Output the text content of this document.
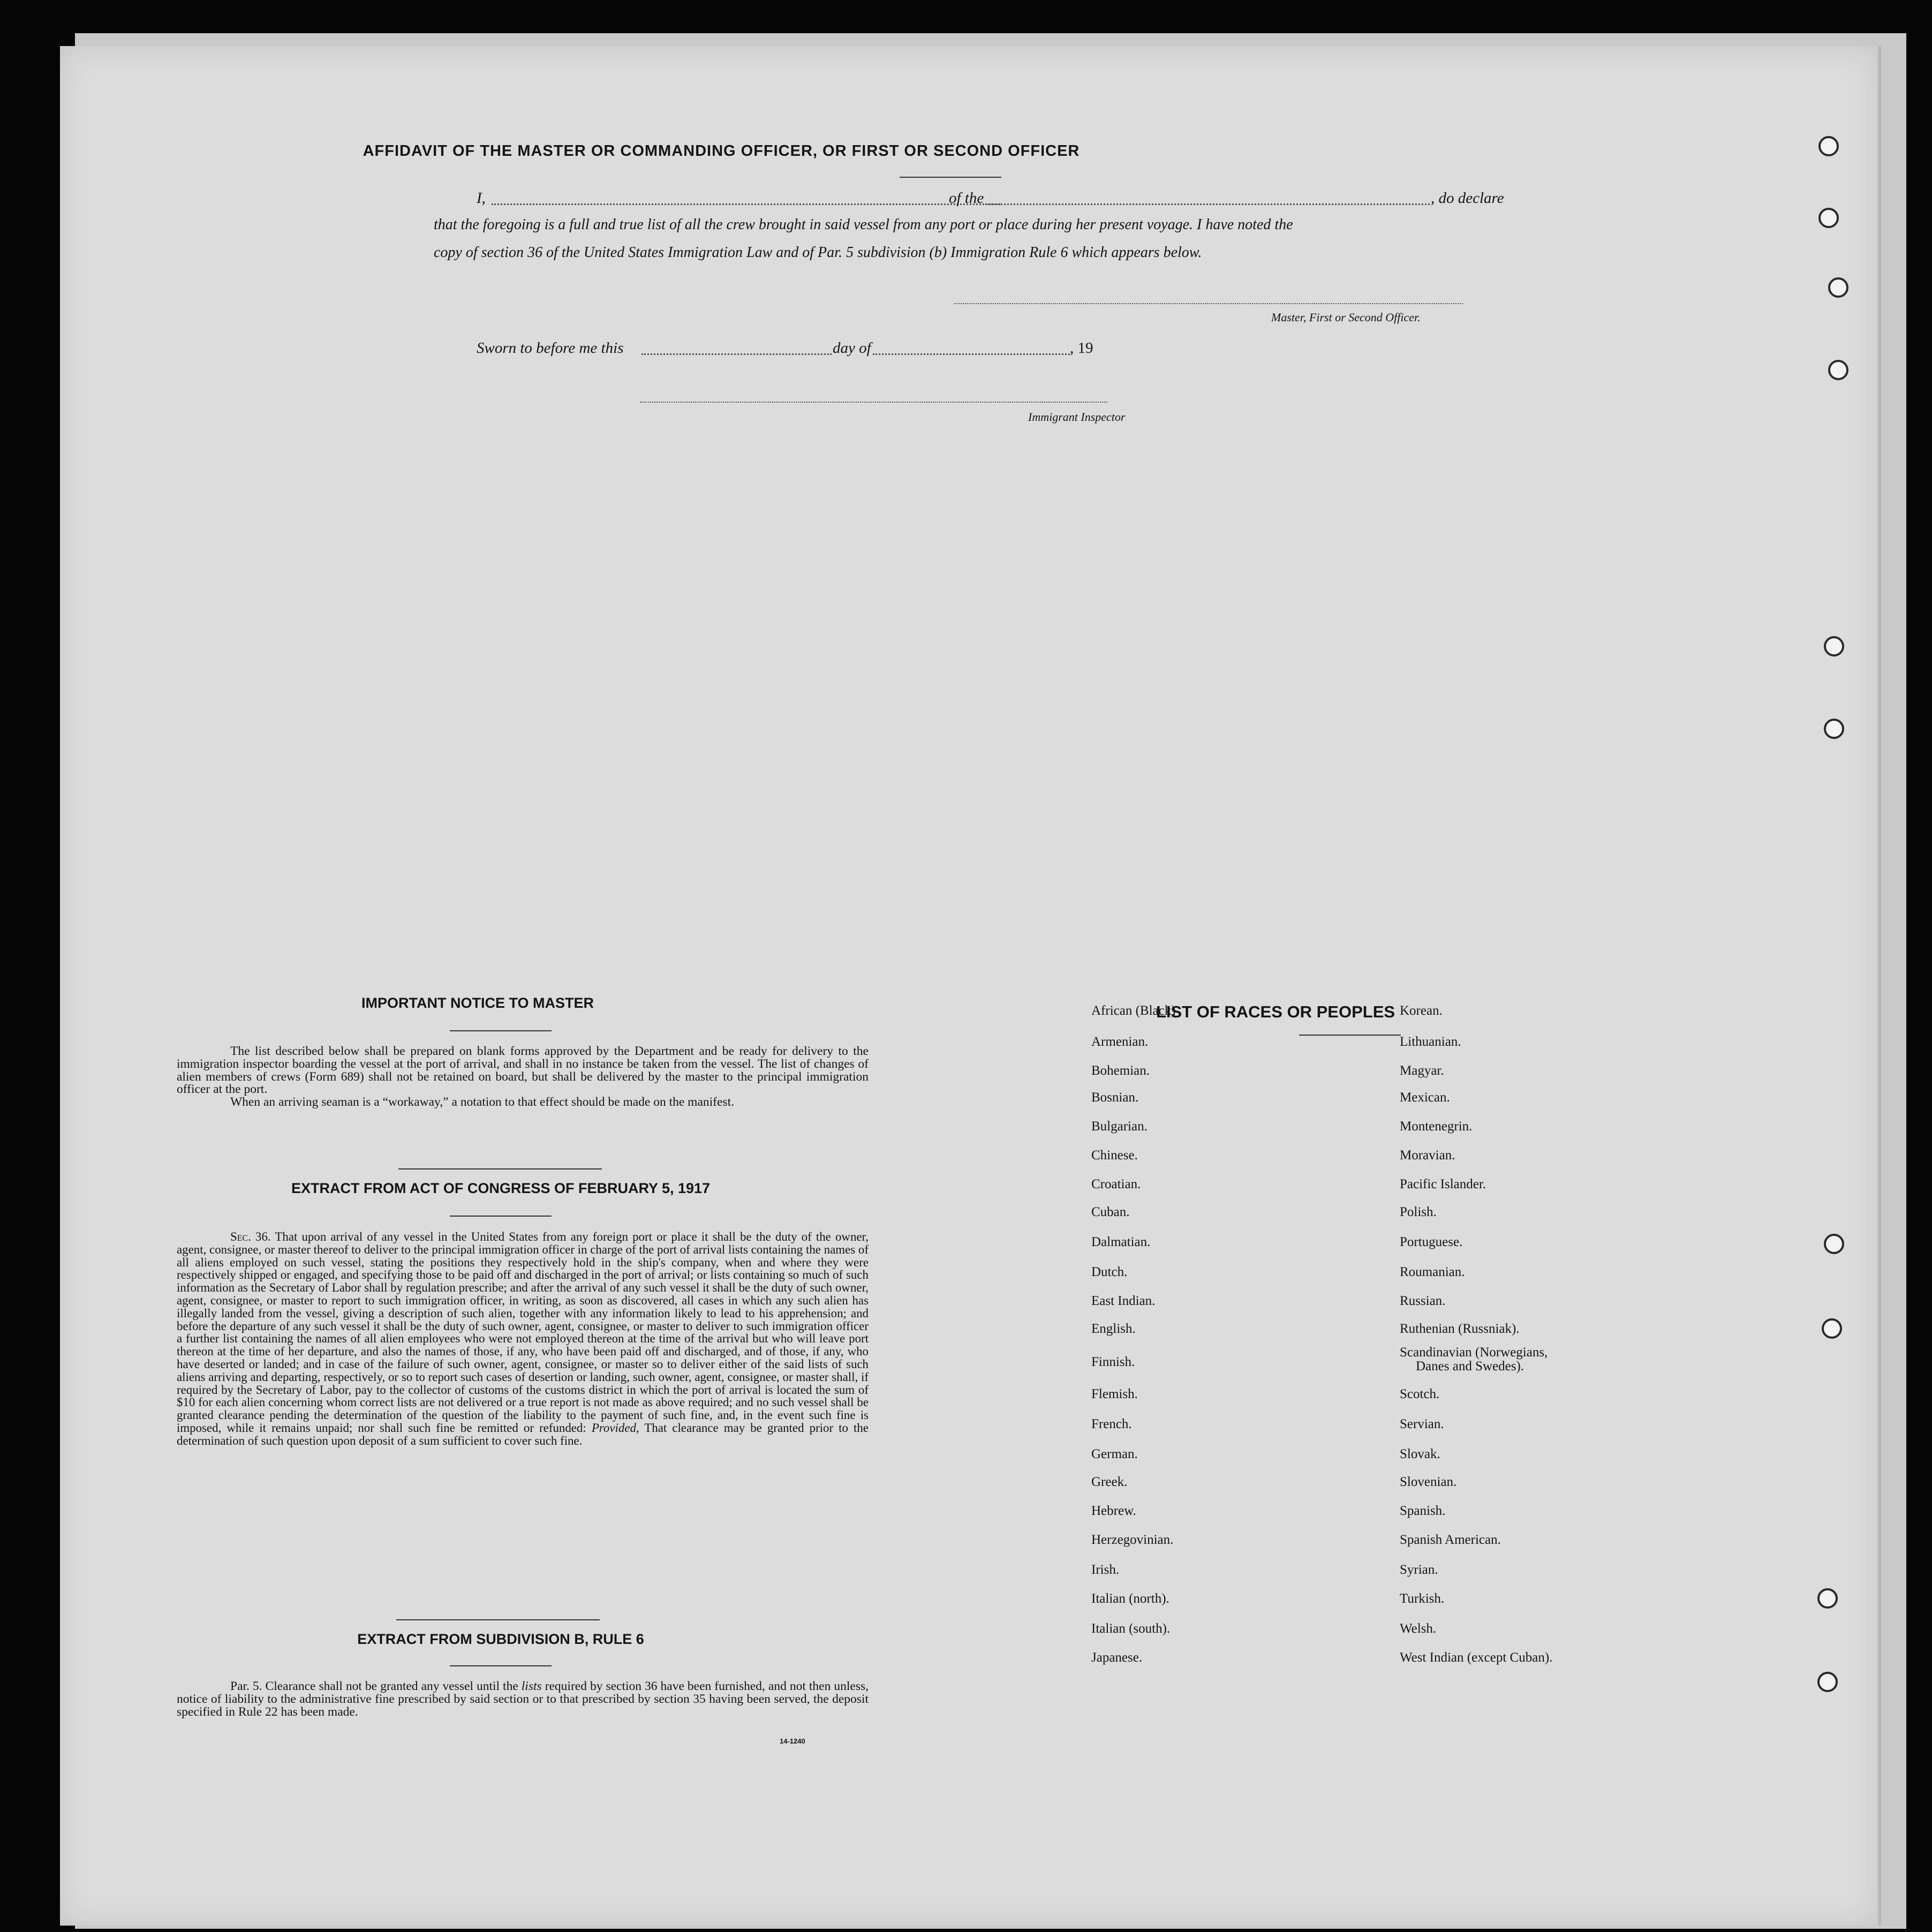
AFFIDAVIT OF THE MASTER OR COMMANDING OFFICER, OR FIRST OR SECOND OFFICER
I,	of the	, do declare
that the foregoing is a full and true list of all the crew brought in said vessel from any port or place during her present voyage. I have noted the
copy of section 36 of the United States Immigration Law and of Par. 5 subdivision (b) Immigration Rule 6 which appears below.
Master, First or Second Officer.
Sworn to before me this	day of	, 19
Immigrant Inspector
IMPORTANT NOTICE TO MASTER

The list described below shall be prepared on blank forms approved by the Department and be ready for delivery to the immigration inspector boarding the vessel at the port of arrival, and shall in no instance be taken from the vessel. The list of changes of alien members of crews (Form 689) shall not be retained on board, but shall be delivered by the master to the principal immigration officer at the port.

When an arriving seaman is a “workaway,” a notation to that effect should be made on the manifest.

EXTRACT FROM ACT OF CONGRESS OF FEBRUARY 5, 1917

Sec. 36. That upon arrival of any vessel in the United States from any foreign port or place it shall be the duty of the owner, agent, consignee, or master thereof to deliver to the principal immigration officer in charge of the port of arrival lists containing the names of all aliens employed on such vessel, stating the positions they respectively hold in the ship's company, when and where they were respectively shipped or engaged, and specifying those to be paid off and discharged in the port of arrival; or lists containing so much of such information as the Secretary of Labor shall by regulation prescribe; and after the arrival of any such vessel it shall be the duty of such owner, agent, consignee, or master to report to such immigration officer, in writing, as soon as discovered, all cases in which any such alien has illegally landed from the vessel, giving a description of such alien, together with any information likely to lead to his apprehension; and before the departure of any such vessel it shall be the duty of such owner, agent, consignee, or master to deliver to such immigration officer a further list containing the names of all alien employees who were not employed thereon at the time of the arrival but who will leave port thereon at the time of her departure, and also the names of those, if any, who have been paid off and discharged, and of those, if any, who have deserted or landed; and in case of the failure of such owner, agent, consignee, or master so to deliver either of the said lists of such aliens arriving and departing, respectively, or so to report such cases of desertion or landing, such owner, agent, consignee, or master shall, if required by the Secretary of Labor, pay to the collector of customs of the customs district in which the port of arrival is located the sum of $10 for each alien concerning whom correct lists are not delivered or a true report is not made as above required; and no such vessel shall be granted clearance pending the determination of the question of the liability to the payment of such fine, and, in the event such fine is imposed, while it remains unpaid; nor shall such fine be remitted or refunded: Provided, That clearance may be granted prior to the determination of such question upon deposit of a sum sufficient to cover such fine.

EXTRACT FROM SUBDIVISION B, RULE 6

Par. 5. Clearance shall not be granted any vessel until the lists required by section 36 have been furnished, and not then unless, notice of liability to the administrative fine prescribed by said section or to that prescribed by section 35 having been served, the deposit specified in Rule 22 has been made.

14-1240
LIST OF RACES OR PEOPLES
African (Black)
Armenian.
Bohemian.
Bosnian.
Bulgarian.
Chinese.
Croatian.
Cuban.
Dalmatian.
Dutch.
East Indian.
English.
Finnish.
Flemish.
French.
German.
Greek.
Hebrew.
Herzegovinian.
Irish.
Italian (north).
Italian (south).
Japanese.
Korean.
Lithuanian.
Magyar.
Mexican.
Montenegrin.
Moravian.
Pacific Islander.
Polish.
Portuguese.
Roumanian.
Russian.
Ruthenian (Russniak).
Scandinavian (Norwegians,
Danes and Swedes).
Scotch.
Servian.
Slovak.
Slovenian.
Spanish.
Spanish American.
Syrian.
Turkish.
Welsh.
West Indian (except Cuban).
